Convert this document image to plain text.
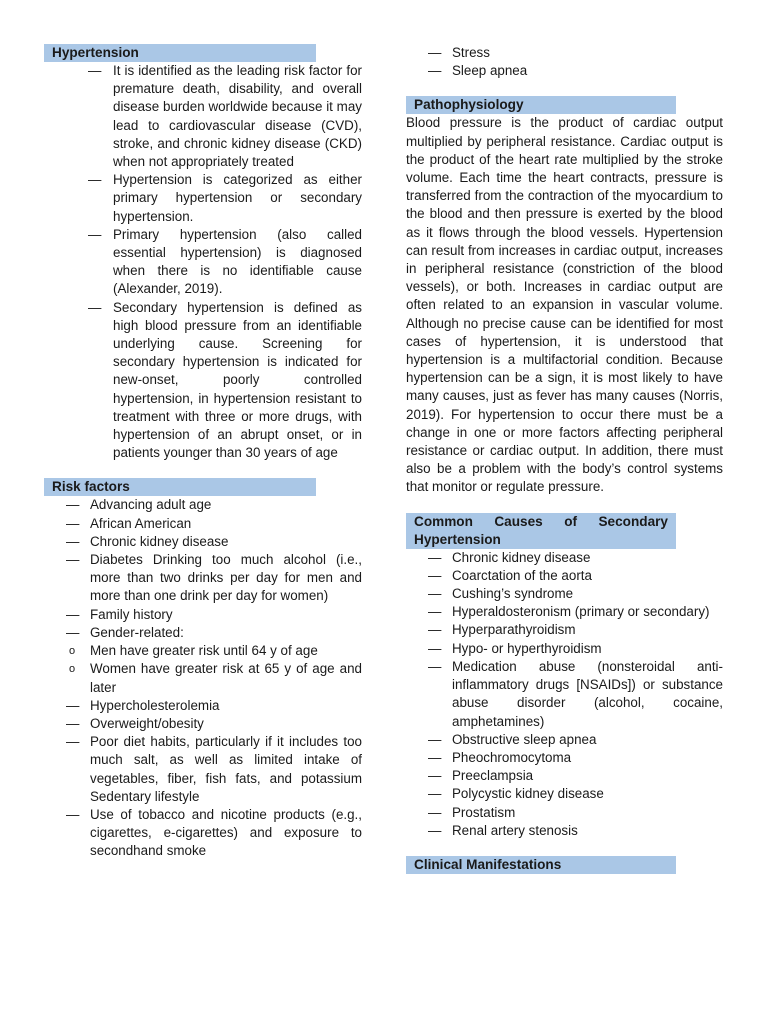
Hypertension
— It is identified as the leading risk factor for premature death, disability, and overall disease burden worldwide because it may lead to cardiovascular disease (CVD), stroke, and chronic kidney disease (CKD) when not appropriately treated
— Hypertension is categorized as either primary hypertension or secondary hypertension.
— Primary hypertension (also called essential hypertension) is diagnosed when there is no identifiable cause (Alexander, 2019).
— Secondary hypertension is defined as high blood pressure from an identifiable underlying cause. Screening for secondary hypertension is indicated for new-onset, poorly controlled hypertension, in hypertension resistant to treatment with three or more drugs, with hypertension of an abrupt onset, or in patients younger than 30 years of age
Risk factors
— Advancing adult age
— African American
— Chronic kidney disease
— Diabetes Drinking too much alcohol (i.e., more than two drinks per day for men and more than one drink per day for women)
— Family history
— Gender-related:
o Men have greater risk until 64 y of age
o Women have greater risk at 65 y of age and later
— Hypercholesterolemia
— Overweight/obesity
— Poor diet habits, particularly if it includes too much salt, as well as limited intake of vegetables, fiber, fish fats, and potassium Sedentary lifestyle
— Use of tobacco and nicotine products (e.g., cigarettes, e-cigarettes) and exposure to secondhand smoke
— Stress
— Sleep apnea
Pathophysiology

Blood pressure is the product of cardiac output multiplied by peripheral resistance. Cardiac output is the product of the heart rate multiplied by the stroke volume. Each time the heart contracts, pressure is transferred from the contraction of the myocardium to the blood and then pressure is exerted by the blood as it flows through the blood vessels. Hypertension can result from increases in cardiac output, increases in peripheral resistance (constriction of the blood vessels), or both. Increases in cardiac output are often related to an expansion in vascular volume. Although no precise cause can be identified for most cases of hypertension, it is understood that hypertension is a multifactorial condition. Because hypertension can be a sign, it is most likely to have many causes, just as fever has many causes (Norris, 2019). For hypertension to occur there must be a change in one or more factors affecting peripheral resistance or cardiac output. In addition, there must also be a problem with the body’s control systems that monitor or regulate pressure.

Common Causes of Secondary Hypertension
— Chronic kidney disease
— Coarctation of the aorta
— Cushing’s syndrome
— Hyperaldosteronism (primary or secondary)
— Hyperparathyroidism
— Hypo- or hyperthyroidism
— Medication abuse (nonsteroidal anti-inflammatory drugs [NSAIDs]) or substance abuse disorder (alcohol, cocaine, amphetamines)
— Obstructive sleep apnea
— Pheochromocytoma
— Preeclampsia
— Polycystic kidney disease
— Prostatism
— Renal artery stenosis
Clinical Manifestations
